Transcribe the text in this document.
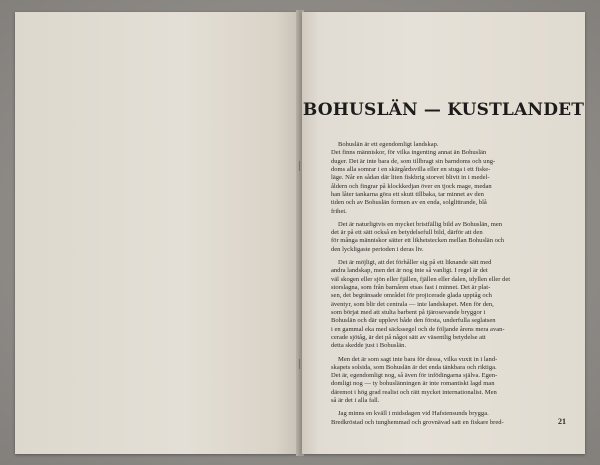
BOHUSLÄN — KUSTLANDET
Bohuslän är ett egendomligt landskap.
Det finns människor, för vilka ingenting annat än Bohuslän
duger. Det är inte bara de, som tillbragt sin barndoms och ung-
doms alla somrar i en skärgårdsvilla eller en stuga i ett fiske-
läge. Når en sådan där liten fiskbrig storvet blivit in i medel-
åldern och fingrar på klockkedjan över en tjock mage, medan
han låter tankarna göra ett skutt tillbaka, tar minnet av den
tiden och av Bohuslän formen av en enda, solglittrande, blå
frihet.
Det är naturligtvis en mycket bristfällig bild av Bohuslän, men
det är på ett sätt också en betydelsefull bild, därför att den
för många människor sätter ett likhetstecken mellan Bohuslän och
den lyckligaste perioden i deras liv.
Det är möjligt, att det förhåller sig på ett liknande sätt med
andra landskap, men det är nog inte så vanligt. I regel är det
väl skogen eller sjön eller fjällen, fjällen eller dalen, idyllen eller det
storslagna, som från barnåren etsas fast i minnet. Det är plat-
sen, det begränsade området för projicerade glada upptåg och
äventyr, som blir det centrala — inte landskapet. Men för den,
som börjat med att stulta barbent på tjärosevande bryggor i
Bohuslän och där upplevt både den första, underfulla seglatsen
i en gammal eka med säckssegel och de följande årens mera avan-
cerade sjötåg, är det på något sätt av väsentlig betydelse att
detta skedde just i Bohuslän.
Men det är som sagt inte bara för dessa, vilka vuxit in i land-
skapets solsida, som Bohuslän är det enda tänkbara och riktiga.
Det är, egendomligt nog, så även för infödingarna själva. Egen-
domligt nog — ty bohuslänningen är inte romantiskt lagd man
däremot i hög grad realist och rätt mycket internationalist. Men
så är det i alla fall.
Jag minns en kväll i midsdagen vid Hafstensunds brygga.
Bredkröstad och tunghemmad och grovnävad satt en fiskare bred-	21
